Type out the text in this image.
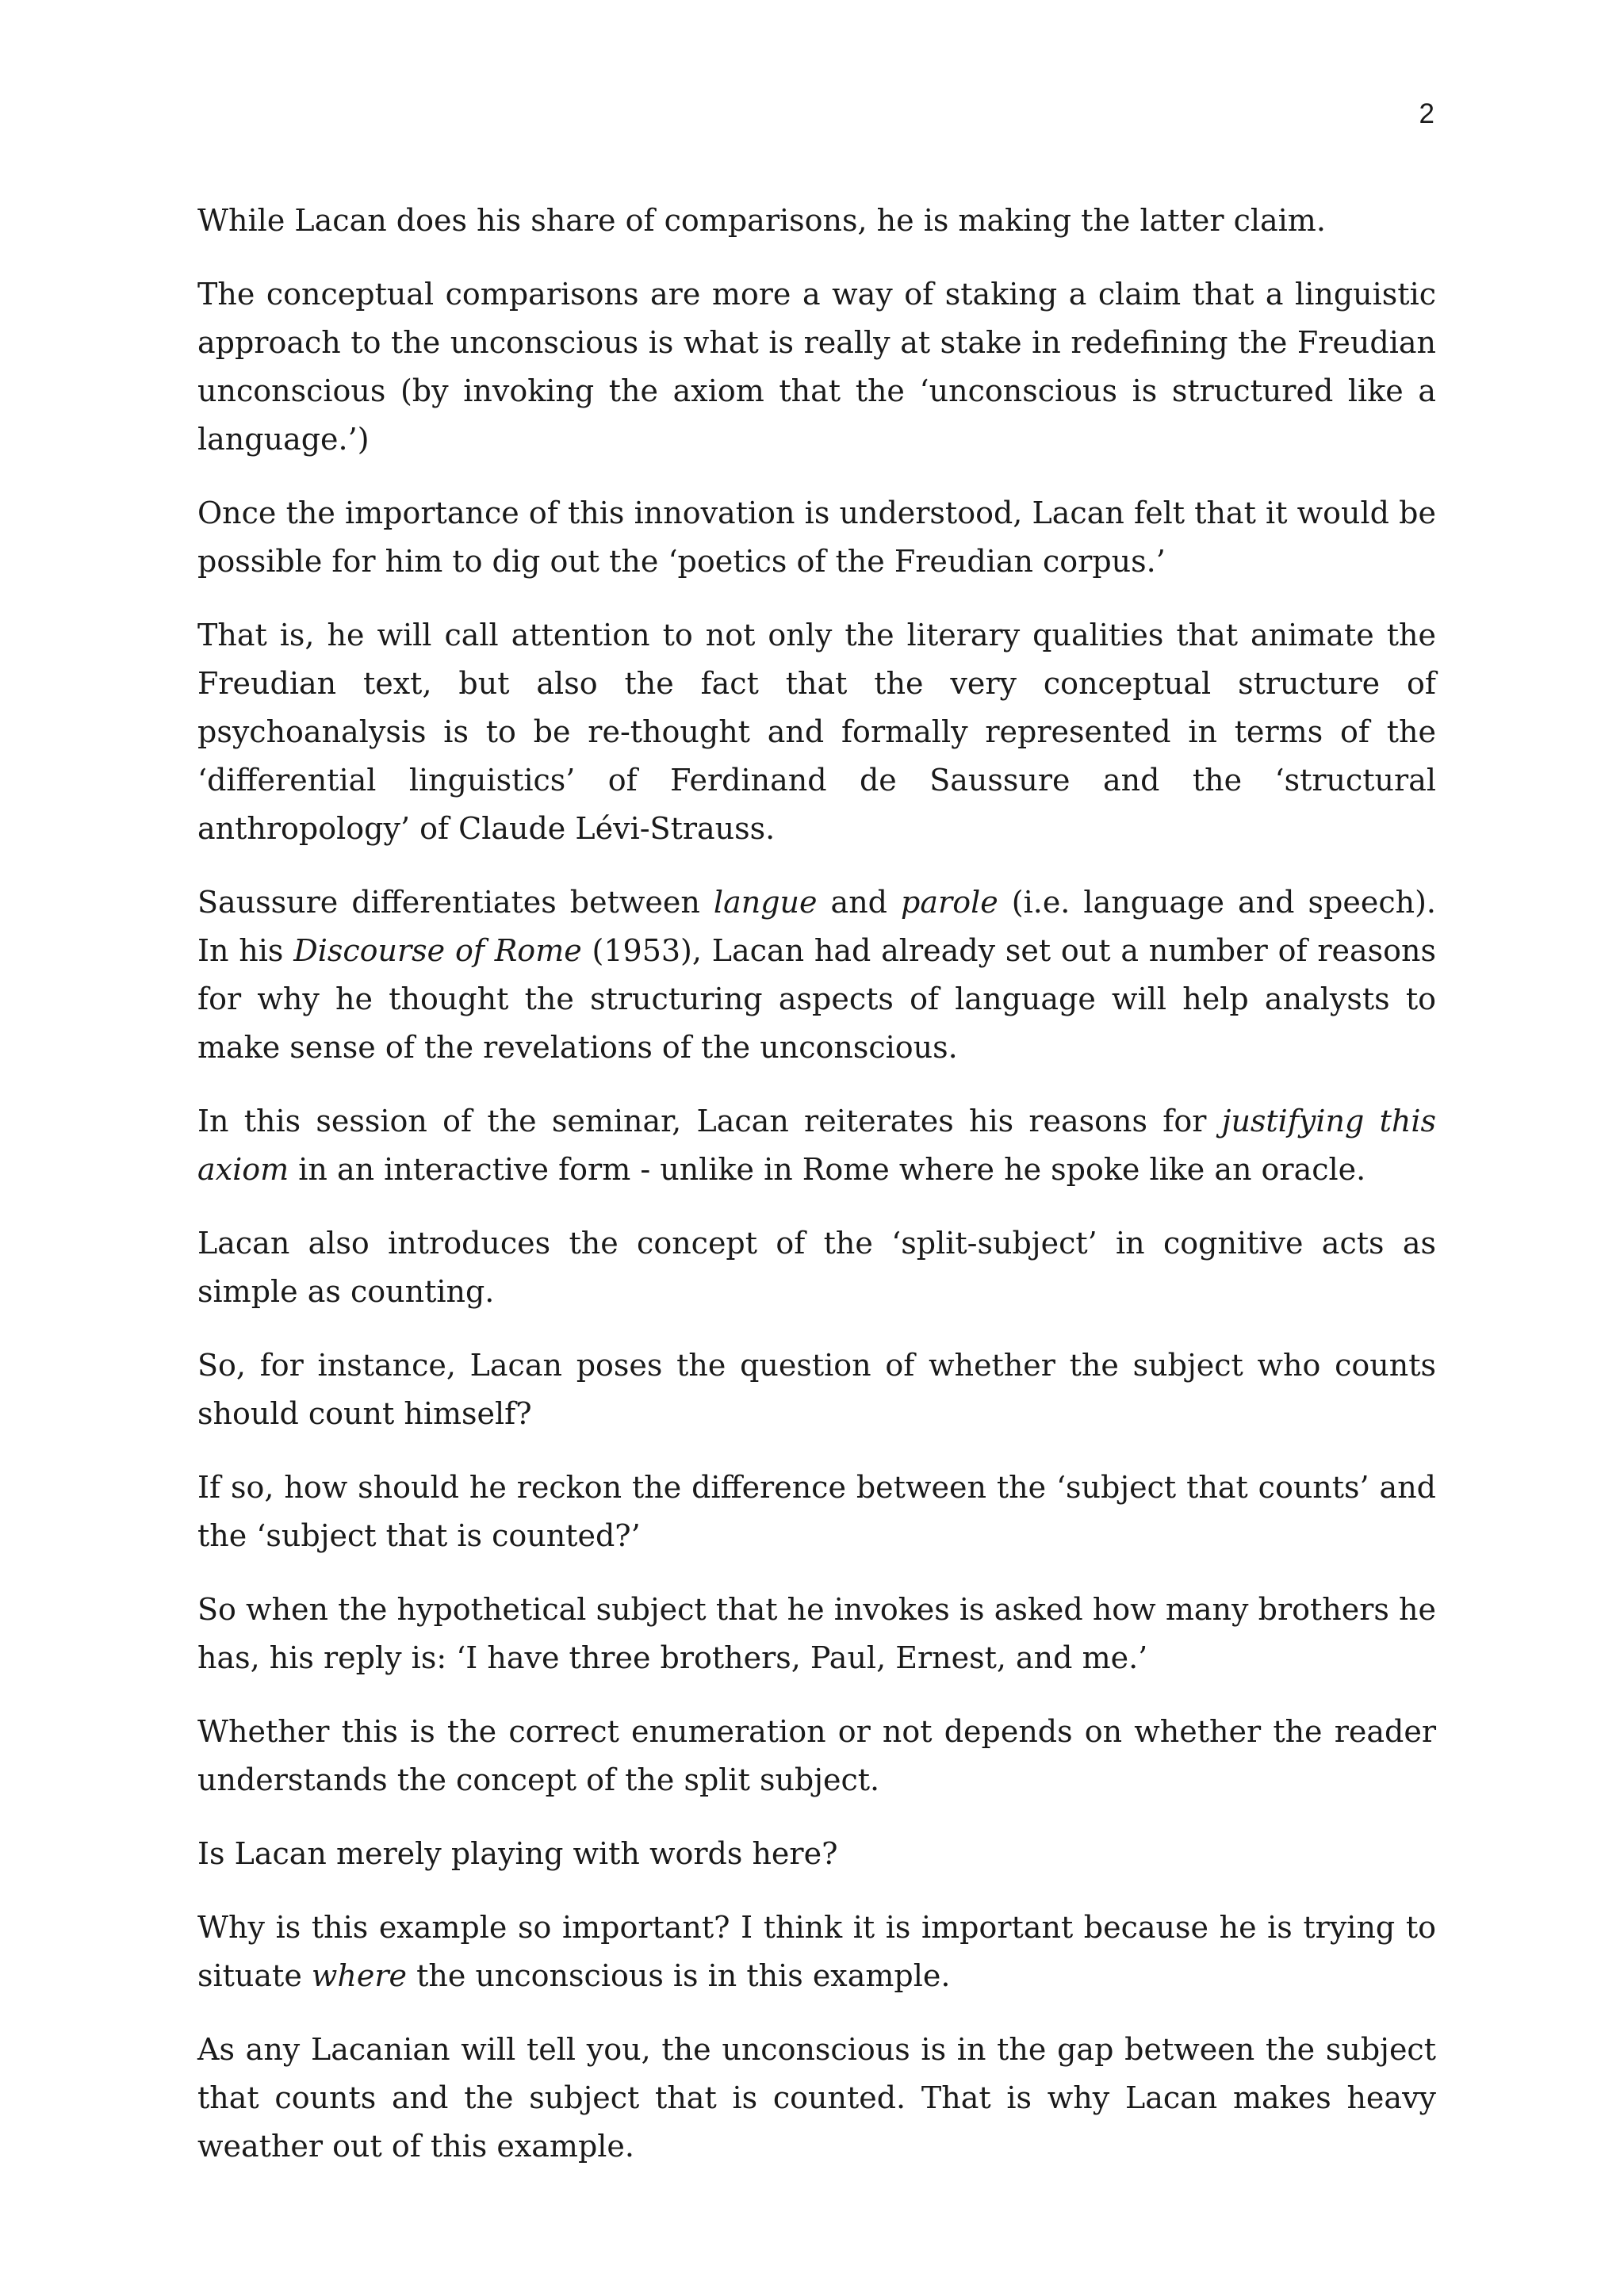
2

While Lacan does his share of comparisons, he is making the latter claim.

The conceptual comparisons are more a way of staking a claim that a linguistic approach to the unconscious is what is really at stake in redefining the Freudian unconscious (by invoking the axiom that the ‘unconscious is structured like a language.’)

Once the importance of this innovation is understood, Lacan felt that it would be possible for him to dig out the ‘poetics of the Freudian corpus.’

That is, he will call attention to not only the literary qualities that animate the Freudian text, but also the fact that the very conceptual structure of psychoanalysis is to be re-thought and formally represented in terms of the ‘differential linguistics’ of Ferdinand de Saussure and the ‘structural anthropology’ of Claude Lévi-Strauss.

Saussure differentiates between langue and parole (i.e. language and speech). In his Discourse of Rome (1953), Lacan had already set out a number of reasons for why he thought the structuring aspects of language will help analysts to make sense of the revelations of the unconscious.

In this session of the seminar, Lacan reiterates his reasons for justifying this axiom in an interactive form - unlike in Rome where he spoke like an oracle.

Lacan also introduces the concept of the ‘split-subject’ in cognitive acts as simple as counting.

So, for instance, Lacan poses the question of whether the subject who counts should count himself?

If so, how should he reckon the difference between the ‘subject that counts’ and the ‘subject that is counted?’

So when the hypothetical subject that he invokes is asked how many brothers he has, his reply is: ‘I have three brothers, Paul, Ernest, and me.’

Whether this is the correct enumeration or not depends on whether the reader understands the concept of the split subject.

Is Lacan merely playing with words here?

Why is this example so important? I think it is important because he is trying to situate where the unconscious is in this example.

As any Lacanian will tell you, the unconscious is in the gap between the subject that counts and the subject that is counted. That is why Lacan makes heavy weather out of this example.
